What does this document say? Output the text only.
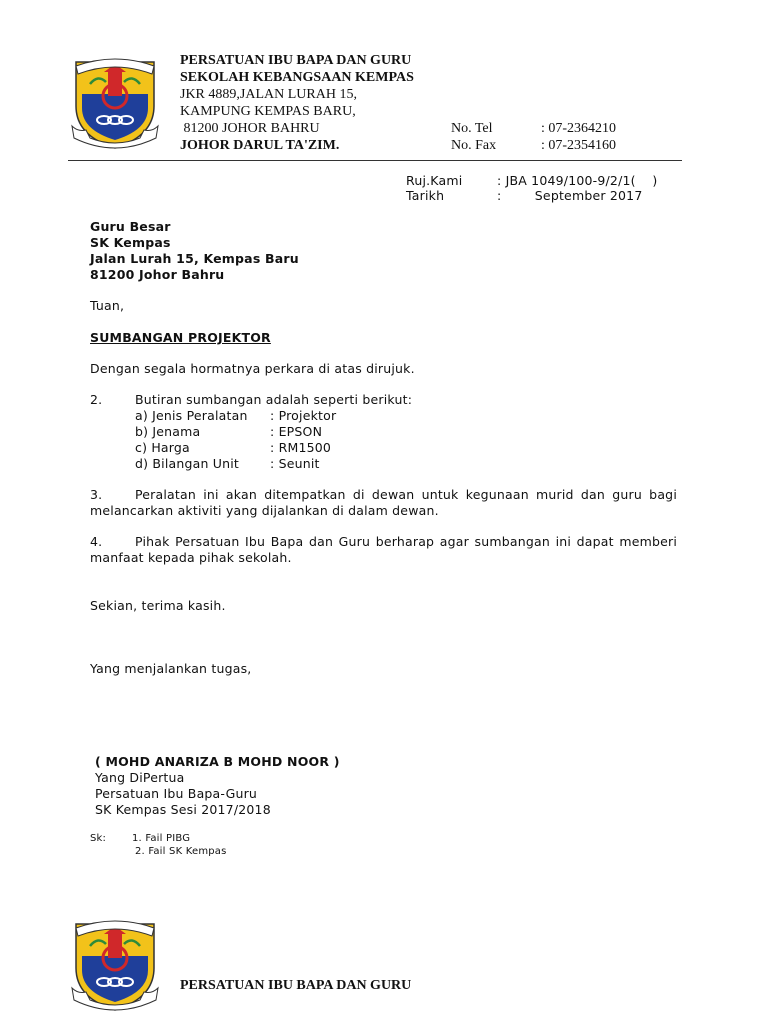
PERSATUAN IBU BAPA DAN GURU
SEKOLAH KEBANGSAAN KEMPAS
JKR 4889,JALAN LURAH 15,
KAMPUNG KEMPAS BARU,
81200 JOHOR BAHRU
JOHOR DARUL TA'ZIM.
No. Tel	: 07-2364210
No. Fax	: 07-2354160
Ruj.Kami	: JBA 1049/100-9/2/1(    )
Tarikh	:        September 2017
Guru Besar
SK Kempas
Jalan Lurah 15, Kempas Baru
81200 Johor Bahru
Tuan,
SUMBANGAN PROJEKTOR
Dengan segala hormatnya perkara di atas dirujuk.
2.	Butiran sumbangan adalah seperti berikut:
a) Jenis Peralatan : Projektor
b) Jenama	: EPSON
c) Harga	: RM1500
d) Bilangan Unit : Seunit
3.	Peralatan ini akan ditempatkan di dewan untuk kegunaan murid dan guru bagi melancarkan aktiviti yang dijalankan di dalam dewan.
4.	Pihak Persatuan Ibu Bapa dan Guru berharap agar sumbangan ini dapat memberi manfaat kepada pihak sekolah.
Sekian, terima kasih.
Yang menjalankan tugas,
( MOHD ANARIZA B MOHD NOOR )
Yang DiPertua
Persatuan Ibu Bapa-Guru
SK Kempas Sesi 2017/2018
Sk:	1. Fail PIBG
2. Fail SK Kempas
PERSATUAN IBU BAPA DAN GURU
